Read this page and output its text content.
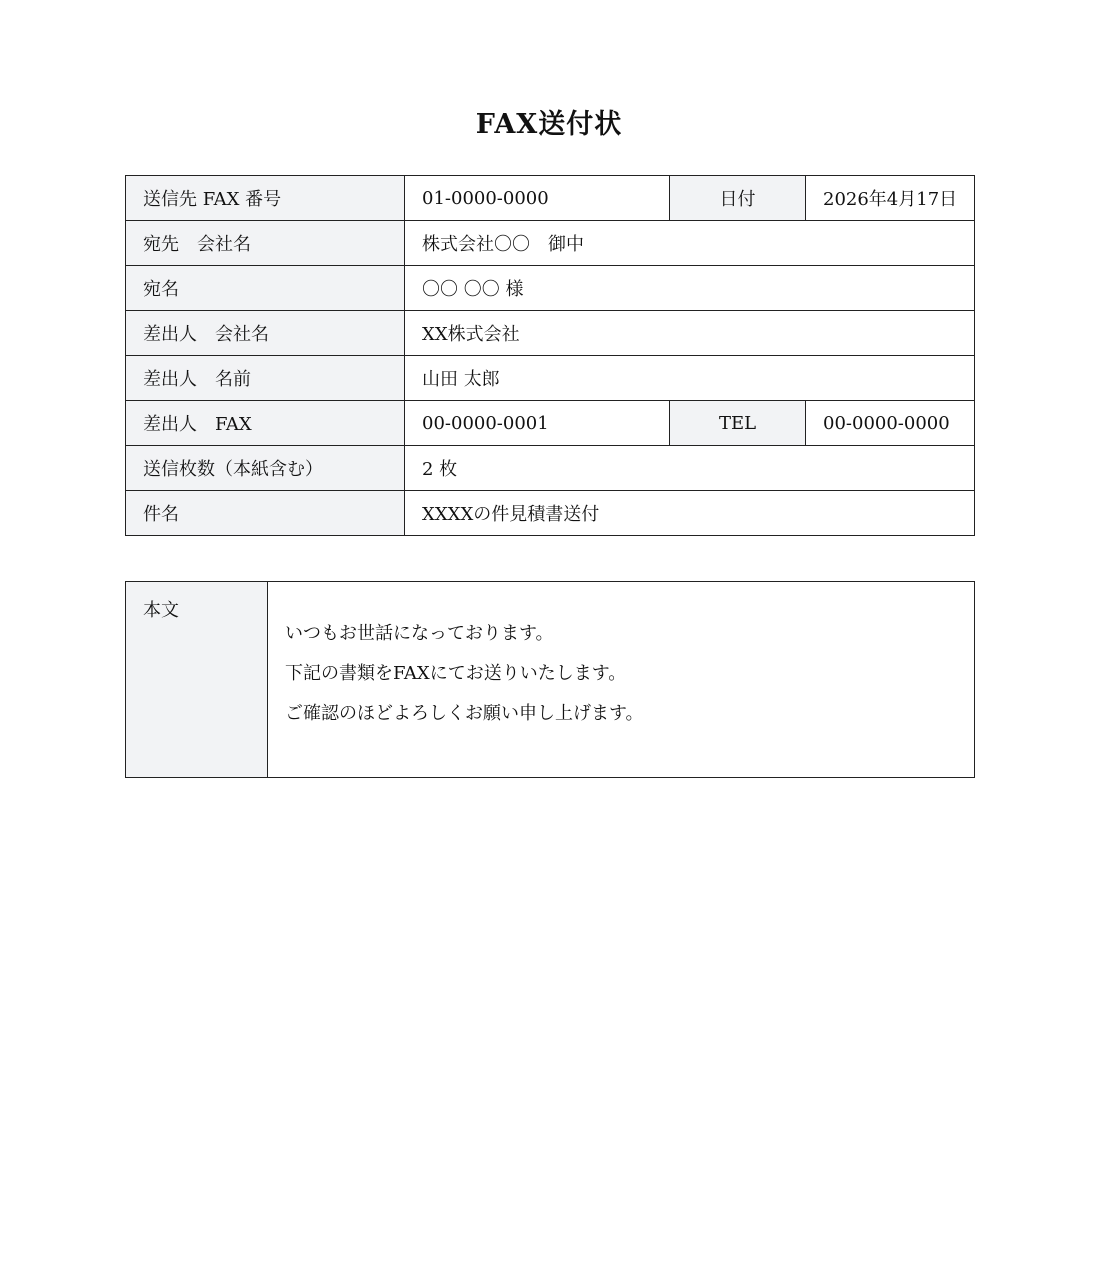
FAX送付状
送信先 FAX 番号	01-0000-0000	日付	2026年4月17日
宛先　会社名	株式会社〇〇　御中		
宛名	〇〇 〇〇 様		
差出人　会社名	XX株式会社		
差出人　名前	山田 太郎		
差出人　FAX	00-0000-0001	TEL	00-0000-0000
送信枚数（本紙含む）	2 枚		
件名	XXXXの件見積書送付		
本文	
いつもお世話になっております。
下記の書類をFAXにてお送りいたします。
ご確認のほどよろしくお願い申し上げます。
